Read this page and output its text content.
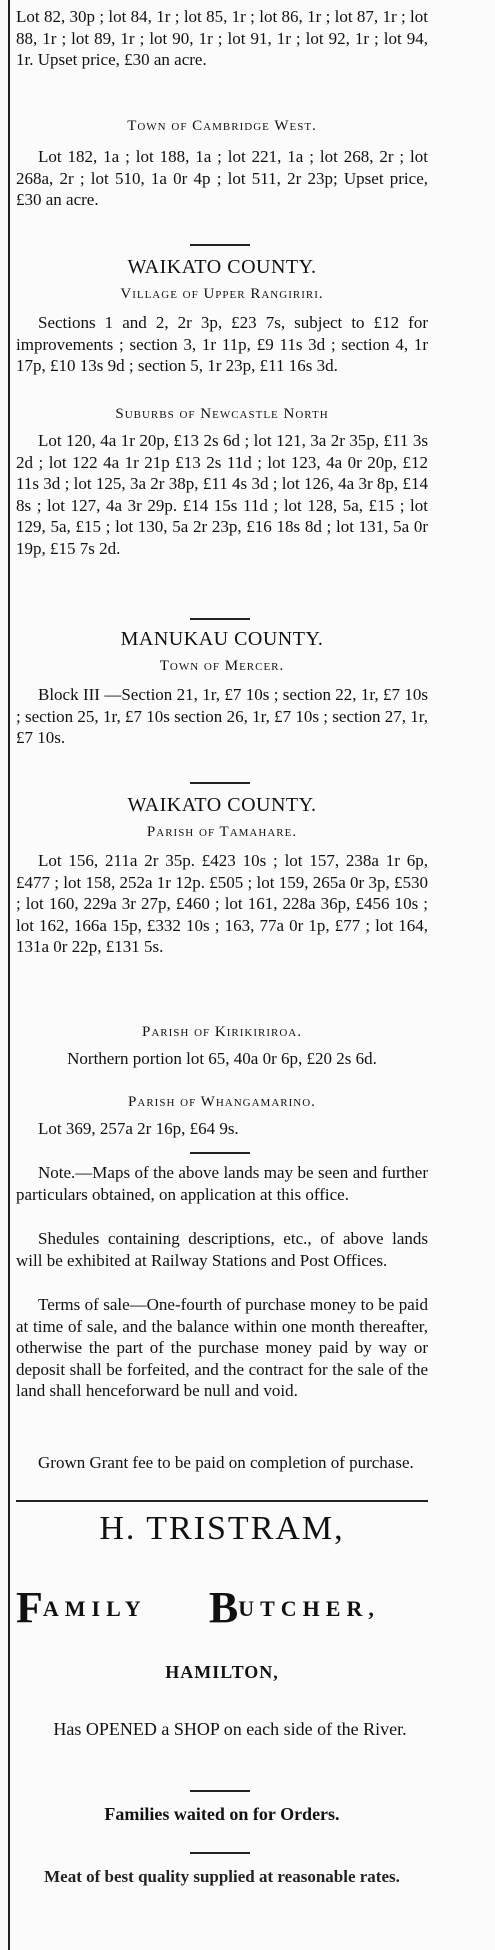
Lot 82, 30p ; lot 84, 1r ; lot 85, 1r ; lot 86, 1r ; lot 87, 1r ; lot 88, 1r ; lot 89, 1r ; lot 90, 1r ; lot 91, 1r ; lot 92, 1r ; lot 94, 1r. Upset price, £30 an acre.

Town of Cambridge West.

Lot 182, 1a ; lot 188, 1a ; lot 221, 1a ; lot 268, 2r ; lot 268a, 2r ; lot 510, 1a 0r 4p ; lot 511, 2r 23p; Upset price, £30 an acre.

WAIKATO COUNTY.

Village of Upper Rangiriri.

Sections 1 and 2, 2r 3p, £23 7s, subject to £12 for improvements ; section 3, 1r 11p, £9 11s 3d ; section 4, 1r 17p, £10 13s 9d ; section 5, 1r 23p, £11 16s 3d.

Suburbs of Newcastle North

Lot 120, 4a 1r 20p, £13 2s 6d ; lot 121, 3a 2r 35p, £11 3s 2d ; lot 122 4a 1r 21p £13 2s 11d ; lot 123, 4a 0r 20p, £12 11s 3d ; lot 125, 3a 2r 38p, £11 4s 3d ; lot 126, 4a 3r 8p, £14 8s ; lot 127, 4a 3r 29p. £14 15s 11d ; lot 128, 5a, £15 ; lot 129, 5a, £15 ; lot 130, 5a 2r 23p, £16 18s 8d ; lot 131, 5a 0r 19p, £15 7s 2d.

MANUKAU COUNTY.

Town of Mercer.

Block III —Section 21, 1r, £7 10s ; section 22, 1r, £7 10s ; section 25, 1r, £7 10s section 26, 1r, £7 10s ; section 27, 1r, £7 10s.

WAIKATO COUNTY.

Parish of Tamahare.

Lot 156, 211a 2r 35p. £423 10s ; lot 157, 238a 1r 6p, £477 ; lot 158, 252a 1r 12p. £505 ; lot 159, 265a 0r 3p, £530 ; lot 160, 229a 3r 27p, £460 ; lot 161, 228a 36p, £456 10s ; lot 162, 166a 15p, £332 10s ; 163, 77a 0r 1p, £77 ; lot 164, 131a 0r 22p, £131 5s.

Parish of Kirikiriroa.

Northern portion lot 65, 40a 0r 6p, £20 2s 6d.

Parish of Whangamarino.

Lot 369, 257a 2r 16p, £64 9s.

Note.—Maps of the above lands may be seen and further particulars obtained, on application at this office.

Shedules containing descriptions, etc., of above lands will be exhibited at Railway Stations and Post Offices.

Terms of sale—One-fourth of purchase money to be paid at time of sale, and the balance within one month thereafter, otherwise the part of the purchase money paid by way or deposit shall be forfeited, and the contract for the sale of the land shall henceforward be null and void.

Grown Grant fee to be paid on completion of purchase.

H. TRISTRAM,

FAMILY BUTCHER,

HAMILTON,

Has OPENED a SHOP on each side of the River.

Families waited on for Orders.

Meat of best quality supplied at reasonable rates.
